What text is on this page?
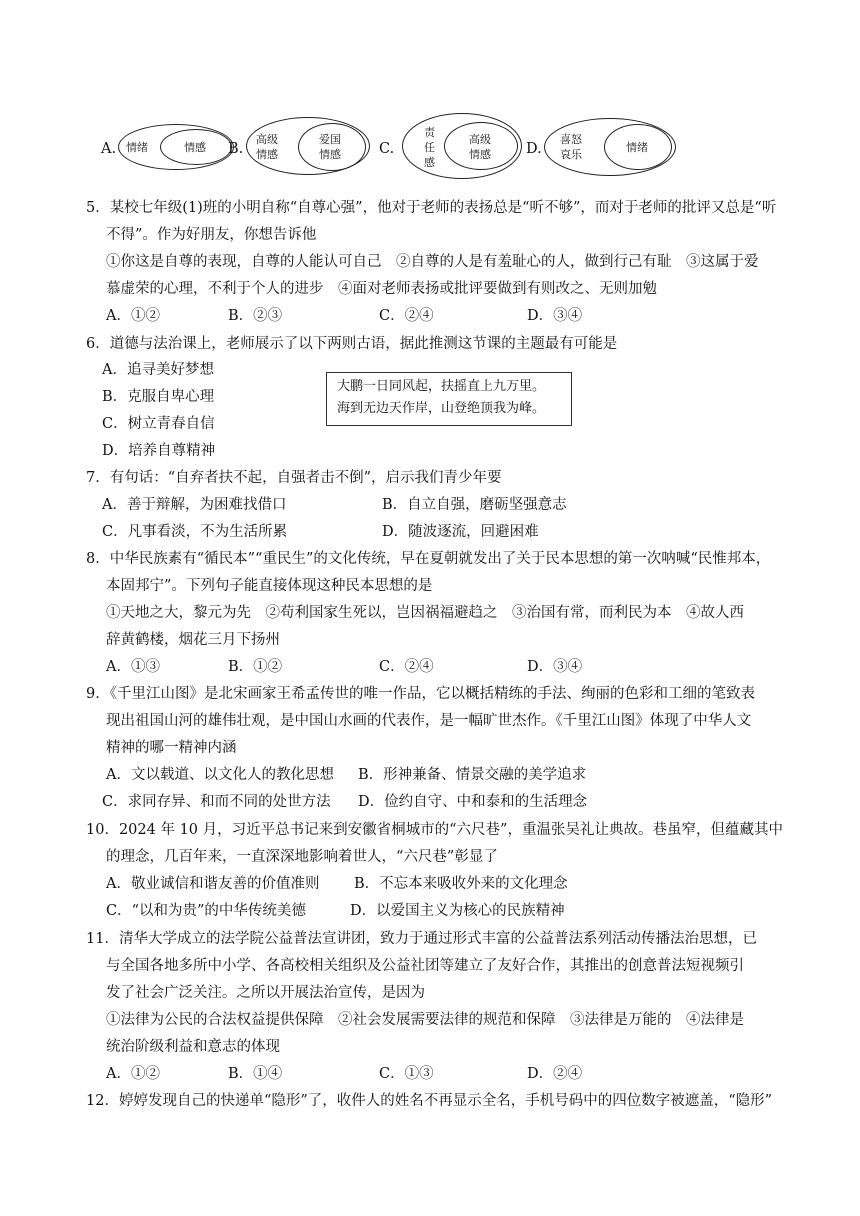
A. 情绪	情感 B.
高级
情感
爱国
情感	C.
责
任
感
高级
情感 D.
喜怒
哀乐
情绪
5．某校七年级(1)班的小明自称“自尊心强”，他对于老师的表扬总是“听不够”，而对于老师的批评又总是“听
不得”。作为好朋友，你想告诉他
①你这是自尊的表现，自尊的人能认可自己　②自尊的人是有羞耻心的人，做到行己有耻　③这属于爱
慕虚荣的心理，不利于个人的进步　④面对老师表扬或批评要做到有则改之、无则加勉
A．①②	B．②③	C．②④	D．③④
6．道德与法治课上，老师展示了以下两则古语，据此推测这节课的主题最有可能是
A．追寻美好梦想
B．克服自卑心理
C．树立青春自信
D．培养自尊精神
大鹏一日同风起，扶摇直上九万里。
海到无边天作岸，山登绝顶我为峰。
7．有句话：“自弃者扶不起，自强者击不倒”，启示我们青少年要
A．善于辩解，为困难找借口	B．自立自强，磨砺坚强意志
C．凡事看淡，不为生活所累	D．随波逐流，回避困难
8．中华民族素有“循民本”“重民生”的文化传统，早在夏朝就发出了关于民本思想的第一次呐喊“民惟邦本，
本固邦宁”。下列句子能直接体现这种民本思想的是
①天地之大，黎元为先　②苟利国家生死以，岂因祸福避趋之　③治国有常，而利民为本　④故人西
辞黄鹤楼，烟花三月下扬州
A．①③	B．①②	C．②④	D．③④
9．《千里江山图》是北宋画家王希孟传世的唯一作品，它以概括精练的手法、绚丽的色彩和工细的笔致表
现出祖国山河的雄伟壮观，是中国山水画的代表作，是一幅旷世杰作。《千里江山图》体现了中华人文
精神的哪一精神内涵
A．文以载道、以文化人的教化思想 B．形神兼备、情景交融的美学追求
C．求同存异、和而不同的处世方法 D．俭约自守、中和泰和的生活理念
10．2024 年 10 月，习近平总书记来到安徽省桐城市的“六尺巷”，重温张吴礼让典故。巷虽窄，但蕴藏其中
的理念，几百年来，一直深深地影响着世人，“六尺巷”彰显了
A．敬业诚信和谐友善的价值准则 B．不忘本来吸收外来的文化理念
C．“以和为贵”的中华传统美德	D．以爱国主义为核心的民族精神
11．清华大学成立的法学院公益普法宣讲团，致力于通过形式丰富的公益普法系列活动传播法治思想，已
与全国各地多所中小学、各高校相关组织及公益社团等建立了友好合作，其推出的创意普法短视频引
发了社会广泛关注。之所以开展法治宣传，是因为
①法律为公民的合法权益提供保障　②社会发展需要法律的规范和保障　③法律是万能的　④法律是
统治阶级利益和意志的体现
A．①②	B．①④	C．①③	D．②④
12．婷婷发现自己的快递单“隐形”了，收件人的姓名不再显示全名，手机号码中的四位数字被遮盖，“隐形”
